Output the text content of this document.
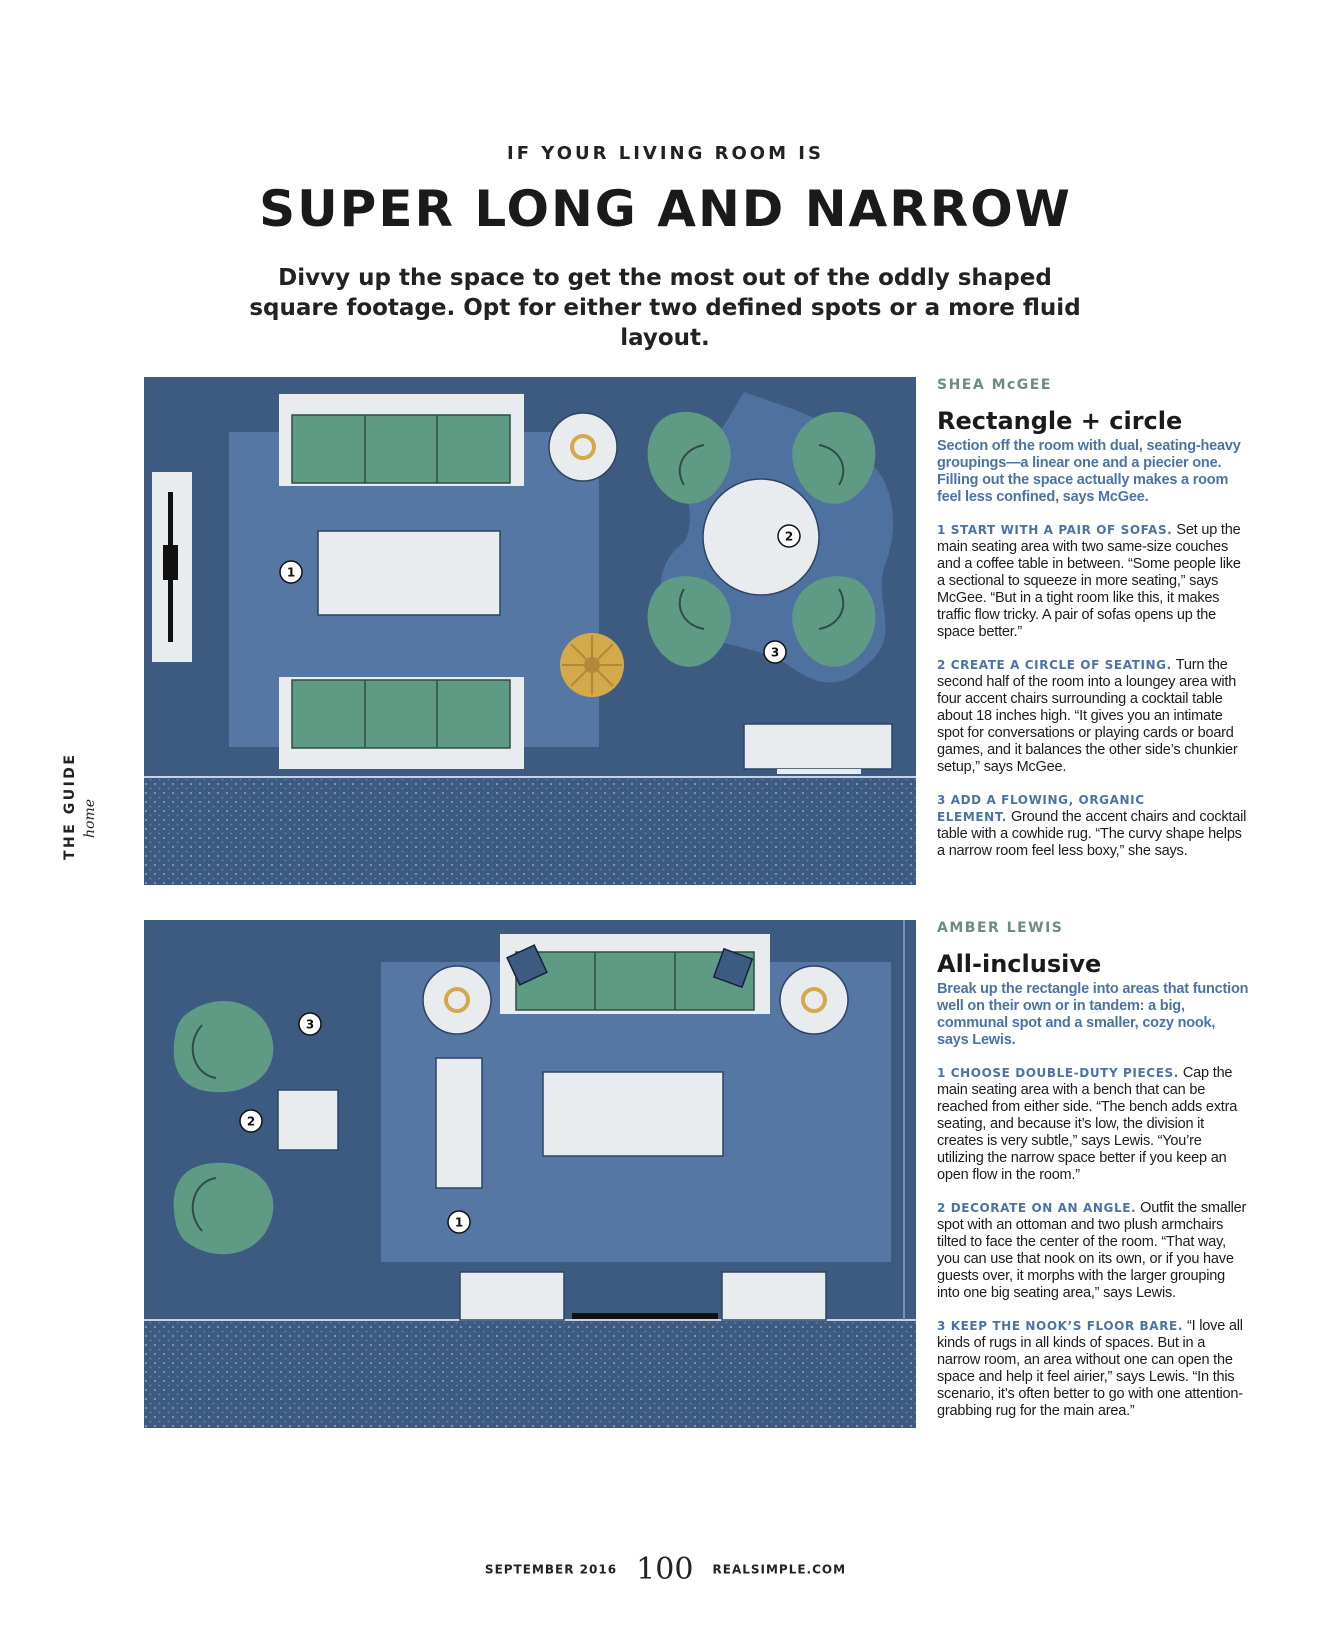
IF YOUR LIVING ROOM IS
SUPER LONG AND NARROW
Divvy up the space to get the most out of the oddly shaped square footage. Opt for either two defined spots or a more fluid layout.
THE GUIDE home
1
2
3
SHEA McGEE
Rectangle + circle
Section off the room with dual, seating-heavy groupings—a linear one and a piecier one. Filling out the space actually makes a room feel less confined, says McGee.
1 START WITH A PAIR OF SOFAS. Set up the main seating area with two same-size couches and a coffee table in between. “Some people like a sectional to squeeze in more seating,” says McGee. “But in a tight room like this, it makes traffic flow tricky. A pair of sofas opens up the space better.”
2 CREATE A CIRCLE OF SEATING. Turn the second half of the room into a loungey area with four accent chairs surrounding a cocktail table about 18 inches high. “It gives you an intimate spot for conversations or playing cards or board games, and it balances the other side’s chunkier setup,” says McGee.
3 ADD A FLOWING, ORGANIC ELEMENT. Ground the accent chairs and cocktail table with a cowhide rug. “The curvy shape helps a narrow room feel less boxy,” she says.
1
2
3
AMBER LEWIS
All-inclusive
Break up the rectangle into areas that function well on their own or in tandem: a big, communal spot and a smaller, cozy nook, says Lewis.
1 CHOOSE DOUBLE-DUTY PIECES. Cap the main seating area with a bench that can be reached from either side. “The bench adds extra seating, and because it’s low, the division it creates is very subtle,” says Lewis. “You’re utilizing the narrow space better if you keep an open flow in the room.”
2 DECORATE ON AN ANGLE. Outfit the smaller spot with an ottoman and two plush armchairs tilted to face the center of the room. “That way, you can use that nook on its own, or if you have guests over, it morphs with the larger grouping into one big seating area,” says Lewis.
3 KEEP THE NOOK’S FLOOR BARE. “I love all kinds of rugs in all kinds of spaces. But in a narrow room, an area without one can open the space and help it feel airier,” says Lewis. “In this scenario, it’s often better to go with one attention-grabbing rug for the main area.”
SEPTEMBER 2016 100 REALSIMPLE.COM
